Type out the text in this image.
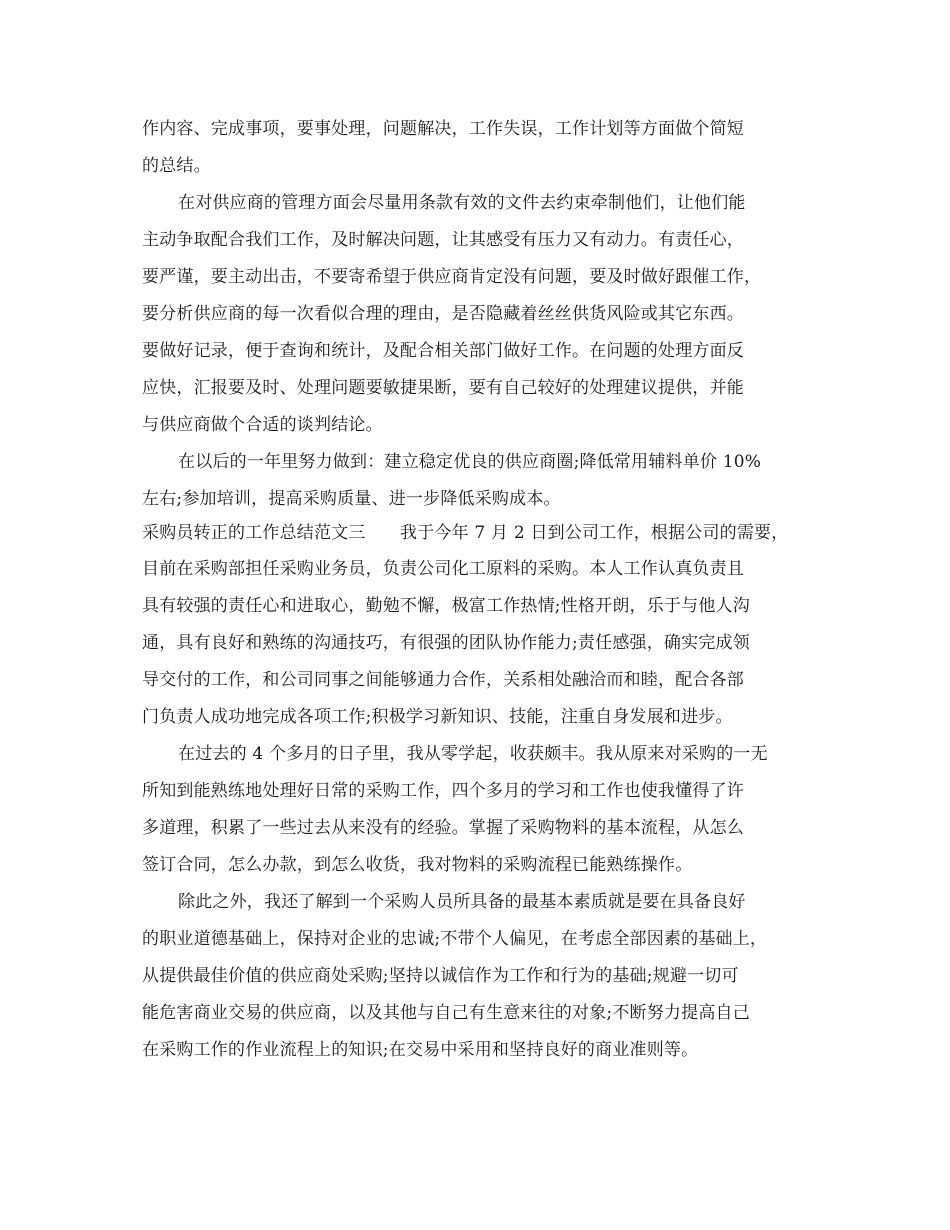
作内容、完成事项，要事处理，问题解决，工作失误，工作计划等方面做个简短

的总结。

在对供应商的管理方面会尽量用条款有效的文件去约束牵制他们，让他们能

主动争取配合我们工作，及时解决问题，让其感受有压力又有动力。有责任心，

要严谨，要主动出击，不要寄希望于供应商肯定没有问题，要及时做好跟催工作，

要分析供应商的每一次看似合理的理由，是否隐藏着丝丝供货风险或其它东西。

要做好记录，便于查询和统计，及配合相关部门做好工作。在问题的处理方面反

应快，汇报要及时、处理问题要敏捷果断，要有自己较好的处理建议提供，并能

与供应商做个合适的谈判结论。

在以后的一年里努力做到：建立稳定优良的供应商圈;降低常用辅料单价 10%

左右;参加培训，提高采购质量、进一步降低采购成本。

采购员转正的工作总结范文三　　我于今年 7 月 2 日到公司工作，根据公司的需要，

目前在采购部担任采购业务员，负责公司化工原料的采购。本人工作认真负责且

具有较强的责任心和进取心，勤勉不懈，极富工作热情;性格开朗，乐于与他人沟

通，具有良好和熟练的沟通技巧，有很强的团队协作能力;责任感强，确实完成领

导交付的工作，和公司同事之间能够通力合作，关系相处融洽而和睦，配合各部

门负责人成功地完成各项工作;积极学习新知识、技能，注重自身发展和进步。

在过去的 4 个多月的日子里，我从零学起，收获颇丰。我从原来对采购的一无

所知到能熟练地处理好日常的采购工作，四个多月的学习和工作也使我懂得了许

多道理，积累了一些过去从来没有的经验。掌握了采购物料的基本流程，从怎么

签订合同，怎么办款，到怎么收货，我对物料的采购流程已能熟练操作。

除此之外，我还了解到一个采购人员所具备的最基本素质就是要在具备良好

的职业道德基础上，保持对企业的忠诚;不带个人偏见，在考虑全部因素的基础上，

从提供最佳价值的供应商处采购;坚持以诚信作为工作和行为的基础;规避一切可

能危害商业交易的供应商，以及其他与自己有生意来往的对象;不断努力提高自己

在采购工作的作业流程上的知识;在交易中采用和坚持良好的商业准则等。
